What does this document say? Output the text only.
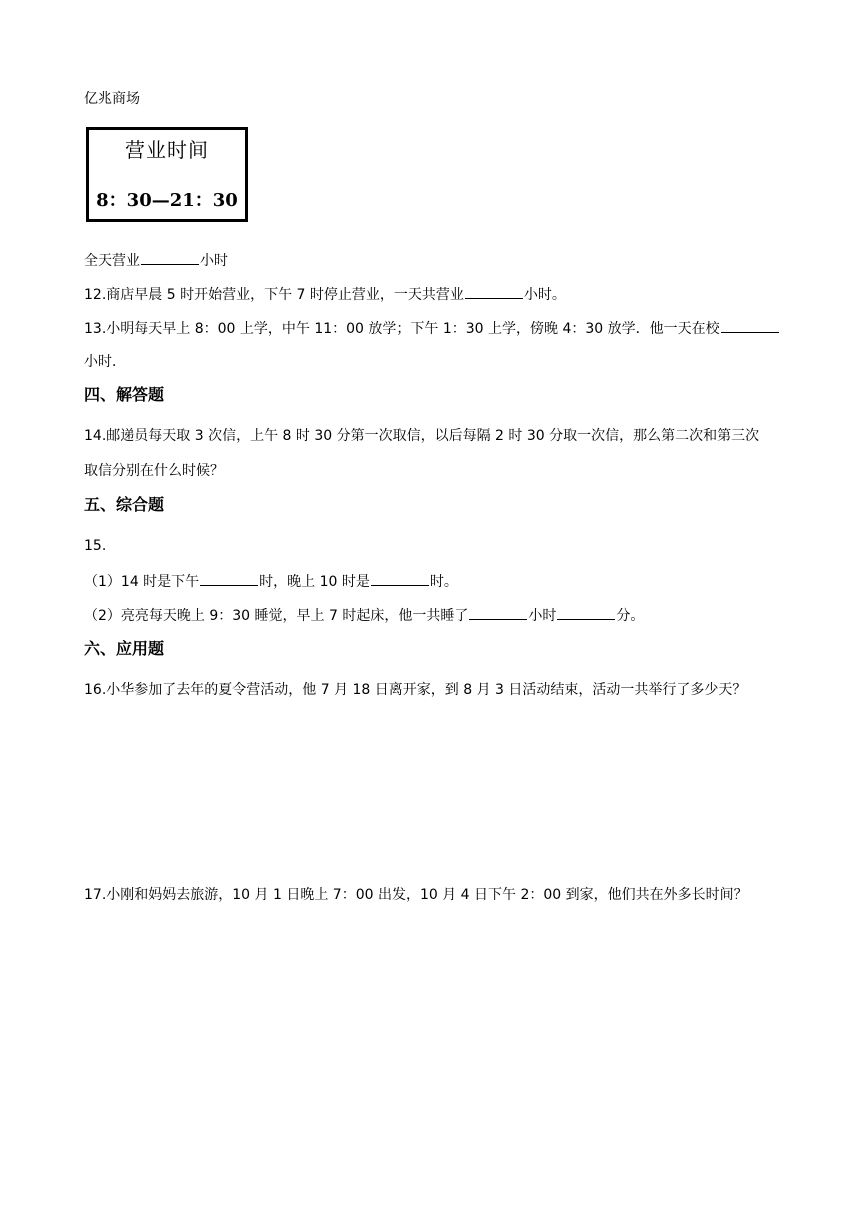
亿兆商场
营业时间
8：30—21：30
全天营业	小时
12.商店早晨 5 时开始营业，下午 7 时停止营业，一天共营业	小时。
13.小明每天早上 8：00 上学，中午 11：00 放学；下午 1：30 上学，傍晚 4：30 放学．他一天在校
小时．
四、解答题
14.邮递员每天取 3 次信，上午 8 时 30 分第一次取信，以后每隔 2 时 30 分取一次信，那么第二次和第三次
取信分别在什么时候？
五、综合题
15.
（1）14 时是下午	时，晚上 10 时是	时。
（2）亮亮每天晚上 9：30 睡觉，早上 7 时起床，他一共睡了	小时	分。
六、应用题
16.小华参加了去年的夏令营活动，他 7 月 18 日离开家，到 8 月 3 日活动结束，活动一共举行了多少天？
17.小刚和妈妈去旅游，10 月 1 日晚上 7：00 出发，10 月 4 日下午 2：00 到家，他们共在外多长时间？
